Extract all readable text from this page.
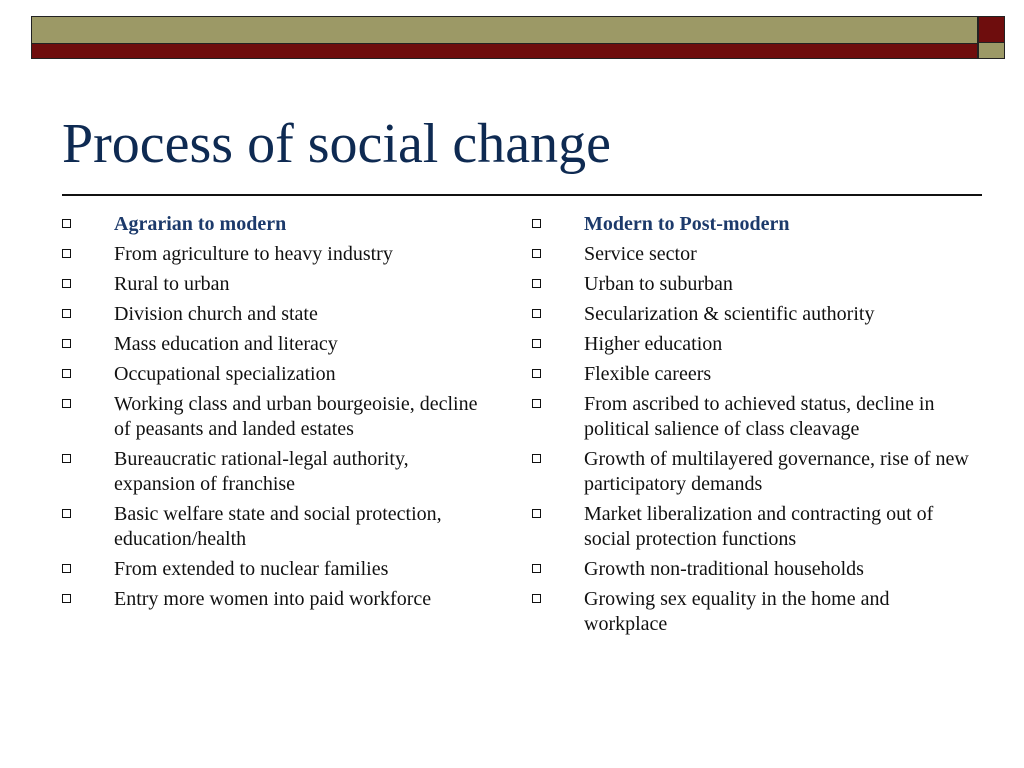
Process of social change
Agrarian to modern
From agriculture to heavy industry
Rural to urban
Division church and state
Mass education and literacy
Occupational specialization
Working class and urban bourgeoisie, decline of peasants and landed estates
Bureaucratic rational-legal authority, expansion of franchise
Basic welfare state and social protection, education/health
From extended to nuclear families
Entry more women into paid workforce
Modern to Post-modern
Service sector
Urban to suburban
Secularization & scientific authority
Higher education
Flexible careers
From ascribed to achieved status, decline in political salience of class cleavage
Growth of multilayered governance, rise of new participatory demands
Market liberalization and contracting out of social protection functions
Growth non-traditional households
Growing sex equality in the home and workplace
